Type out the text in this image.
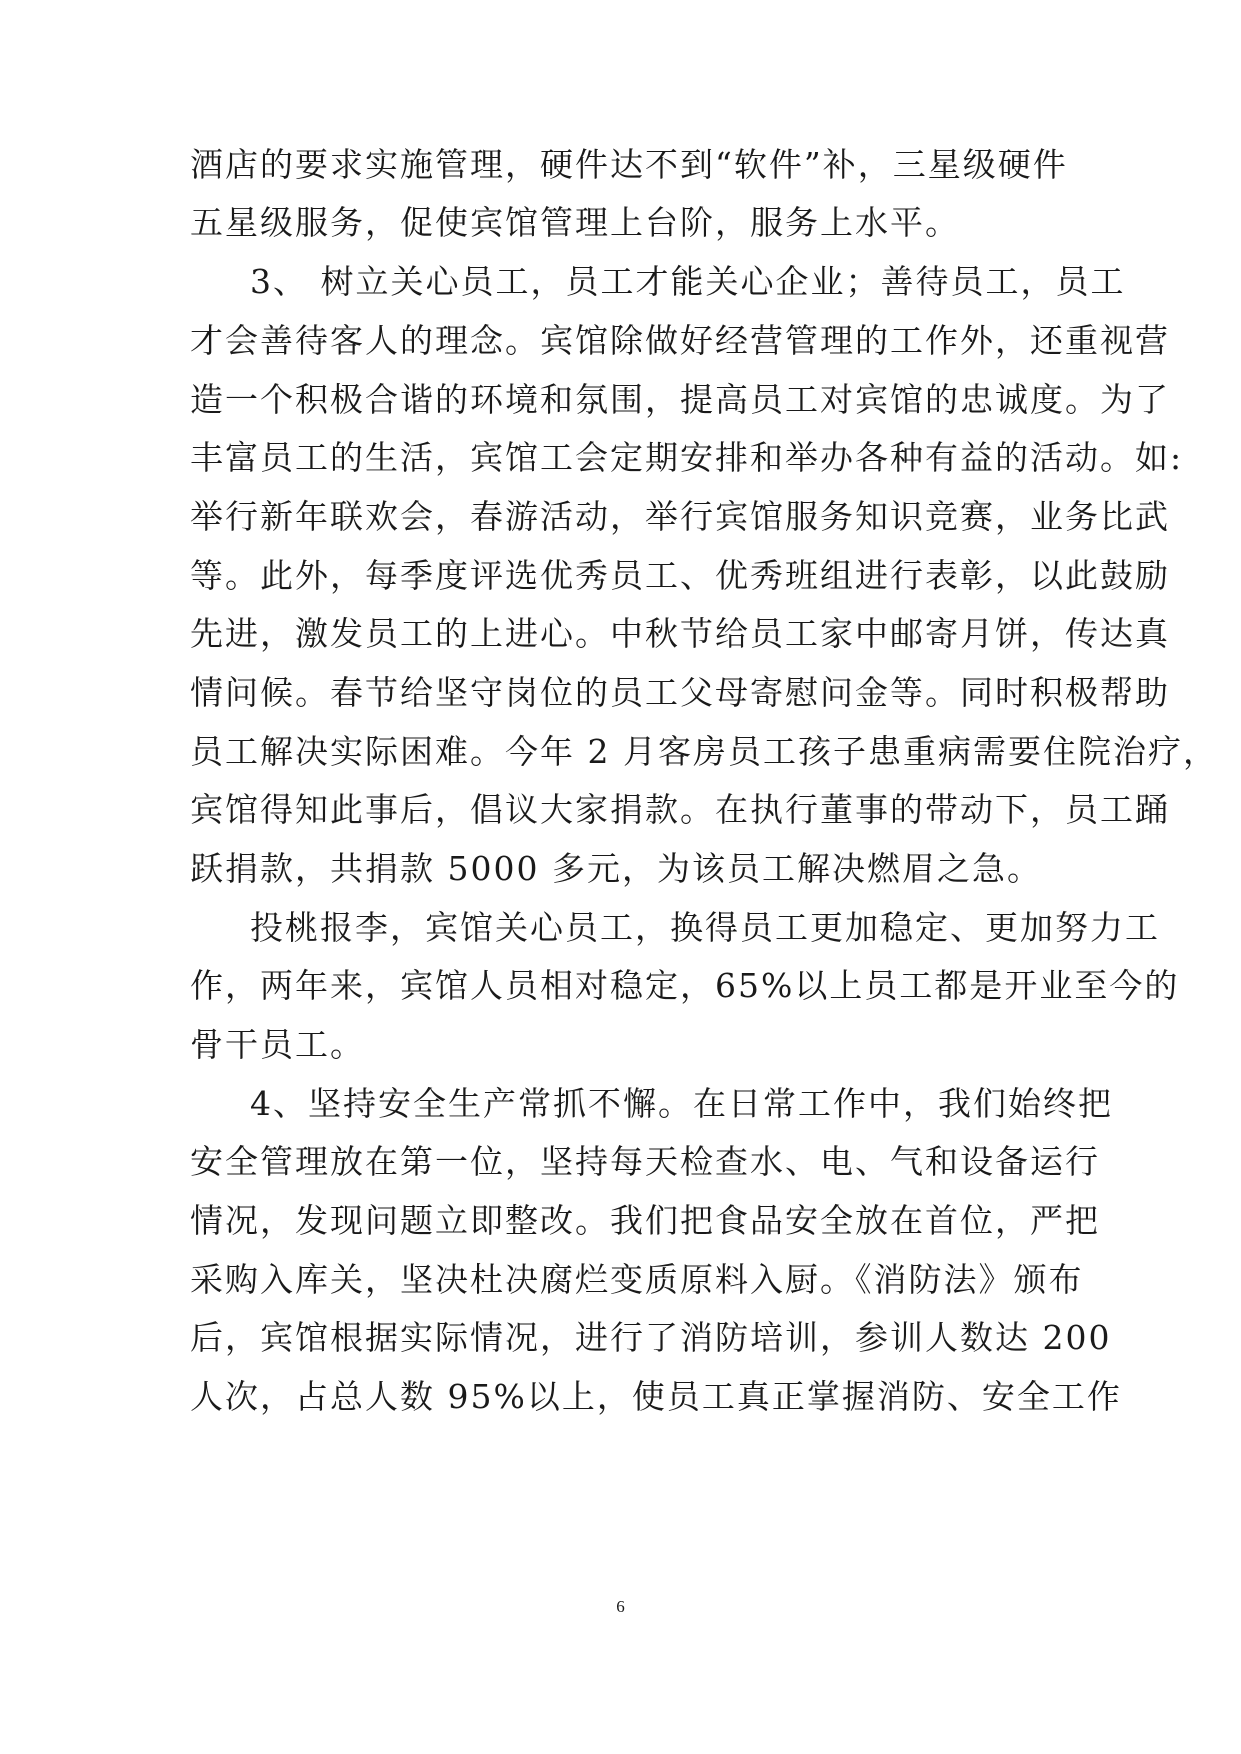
酒店的要求实施管理，硬件达不到“软件”补，三星级硬件
五星级服务，促使宾馆管理上台阶，服务上水平。
3、 树立关心员工，员工才能关心企业；善待员工，员工
才会善待客人的理念。宾馆除做好经营管理的工作外，还重视营
造一个积极合谐的环境和氛围，提高员工对宾馆的忠诚度。为了
丰富员工的生活，宾馆工会定期安排和举办各种有益的活动。如:
举行新年联欢会，春游活动，举行宾馆服务知识竞赛，业务比武
等。此外，每季度评选优秀员工、优秀班组进行表彰，以此鼓励
先进，激发员工的上进心。中秋节给员工家中邮寄月饼，传达真
情问候。春节给坚守岗位的员工父母寄慰问金等。同时积极帮助
员工解决实际困难。今年 2 月客房员工孩子患重病需要住院治疗，
宾馆得知此事后，倡议大家捐款。在执行董事的带动下，员工踊
跃捐款，共捐款 5000 多元，为该员工解决燃眉之急。
投桃报李，宾馆关心员工，换得员工更加稳定、更加努力工
作，两年来，宾馆人员相对稳定，65%以上员工都是开业至今的
骨干员工。
4、坚持安全生产常抓不懈。在日常工作中，我们始终把
安全管理放在第一位，坚持每天检查水、电、气和设备运行
情况，发现问题立即整改。我们把食品安全放在首位，严把
采购入库关，坚决杜决腐烂变质原料入厨。《消防法》颁布
后，宾馆根据实际情况，进行了消防培训，参训人数达 200
人次，占总人数 95%以上，使员工真正掌握消防、安全工作
6
